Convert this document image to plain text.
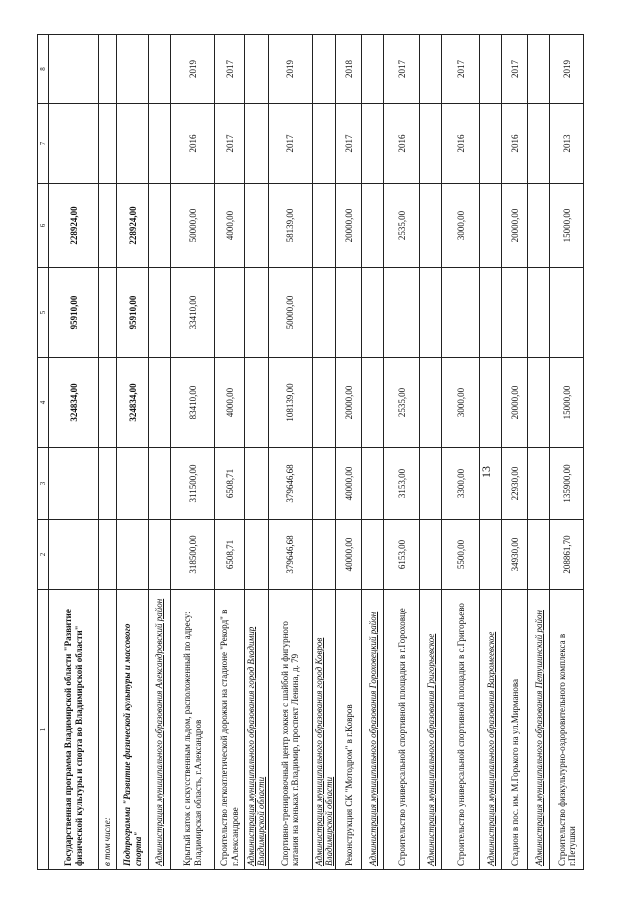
13
1	2	3	4	5	6	7	8
Государственная программа Владимирской области "Развитие физической культуры и спорта во Владимирской области"			324834,00	95910,00	228924,00		
в том числе:							
Подпрограмма "Развитие физической культуры и массового спорта"			324834,00	95910,00	228924,00		
Администрация муниципального образования Александровский район							
Крытый каток с искусственным льдом, расположенный по адресу: Владимирская область, г.Александров	318500,00	311500,00	83410,00	33410,00	50000,00	2016	2019
Строительство легкоатлетической дорожки на стадионе "Рекорд" в г.Александрове	6508,71	6508,71	4000,00		4000,00	2017	2017
Администрация муниципального образования город Владимир Владимирской области							
Спортивно-тренировочный центр хоккея с шайбой и фигурного катания на коньках г.Владимир, проспект Ленина, д. 79	379646,68	379646,68	108139,00	50000,00	58139,00	2017	2019
Администрация муниципального образования город Ковров Владимирской области							
Реконструкция СК "Мотодром" в г.Ковров	40000,00	40000,00	20000,00		20000,00	2017	2018
Администрация муниципального образования Гороховецкий район							
Строительство универсальной спортивной площадки в г.Гороховце	6153,00	3153,00	2535,00		2535,00	2016	2017
Администрация муниципального образования Григорьевское							
Строительство универсальной спортивной площадки в с.Григорьево	5500,00	3300,00	3000,00		3000,00	2016	2017
Администрация муниципального образования Вахромеевское							
Стадион в пос. им. М.Горького на ул.Мирманова	34930,00	22930,00	20000,00		20000,00	2016	2017
Администрация муниципального образования Петушинский район							
Строительство физкультурно-оздоровительного комплекса в г.Петушки	208861,70	135900,00	15000,00		15000,00	2013	2019
